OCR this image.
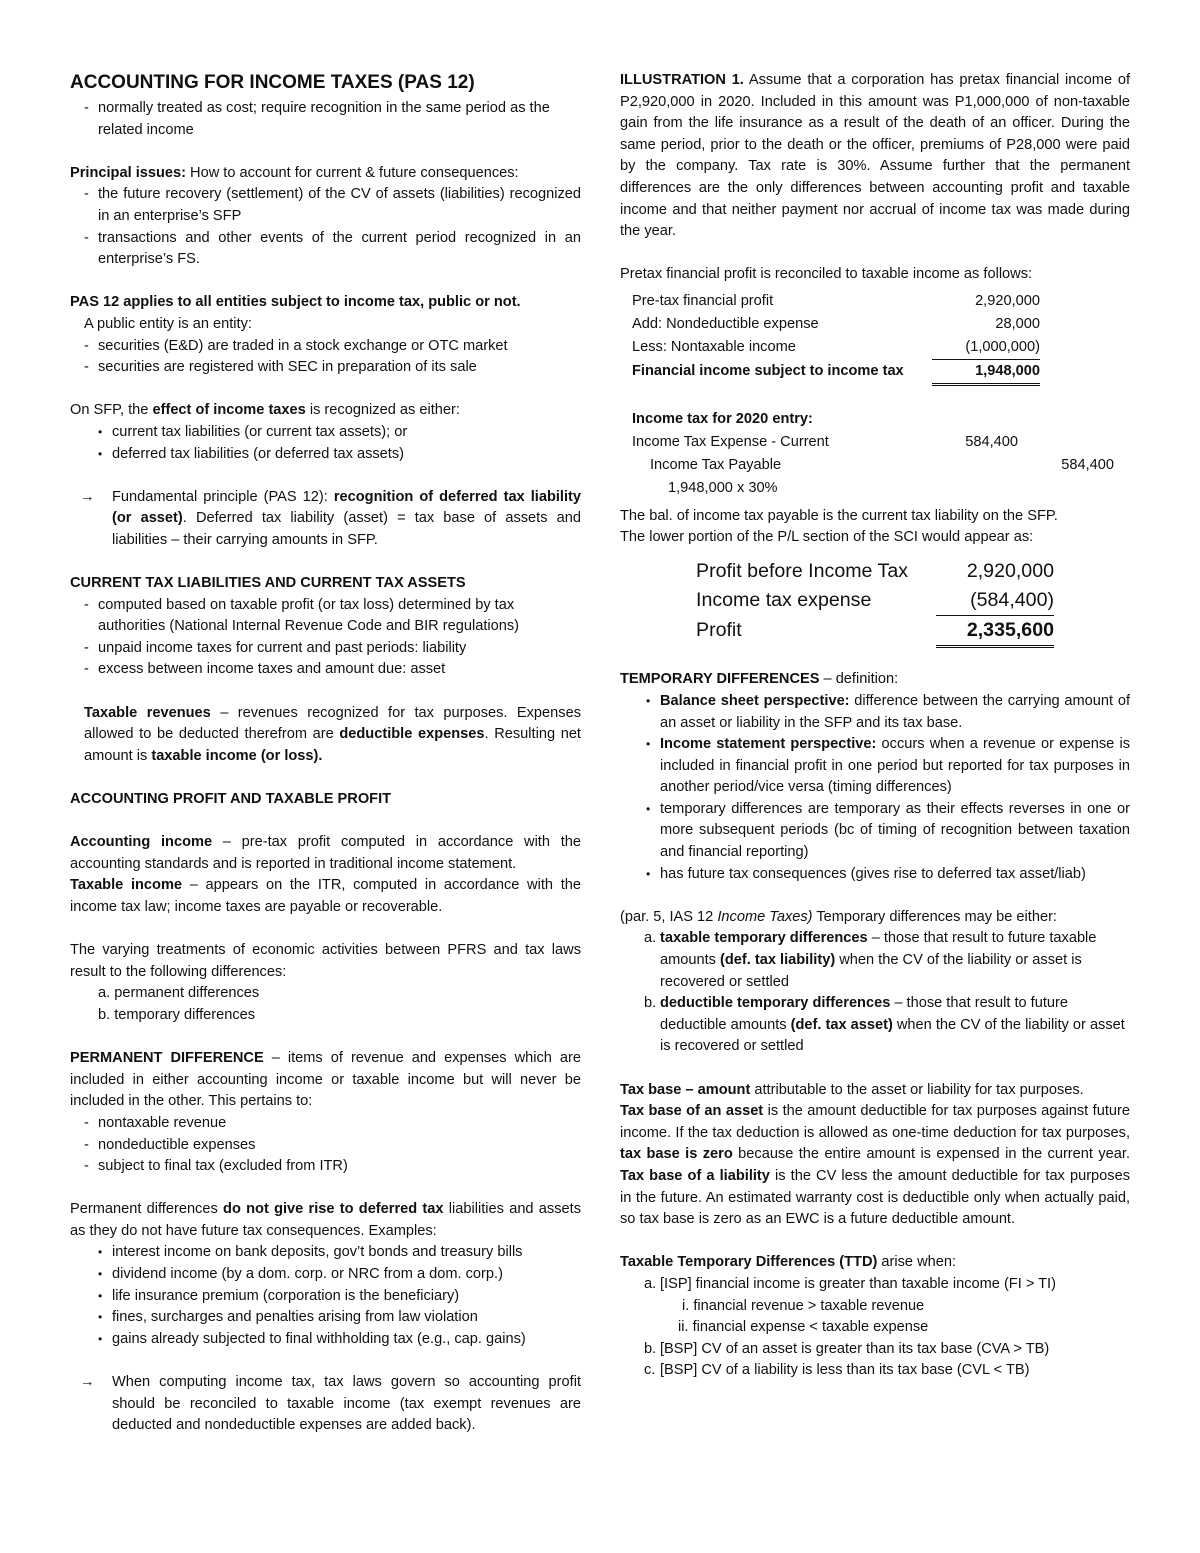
ACCOUNTING FOR INCOME TAXES (PAS 12)

- normally treated as cost; require recognition in the same period as the related income

Principal issues: How to account for current & future consequences:

- the future recovery (settlement) of the CV of assets (liabilities) recognized in an enterprise’s SFP
- transactions and other events of the current period recognized in an enterprise’s FS.

PAS 12 applies to all entities subject to income tax, public or not.

A public entity is an entity:

- securities (E&D) are traded in a stock exchange or OTC market
- securities are registered with SEC in preparation of its sale

On SFP, the effect of income taxes is recognized as either:

• current tax liabilities (or current tax assets); or
• deferred tax liabilities (or deferred tax assets)

→ Fundamental principle (PAS 12): recognition of deferred tax liability (or asset). Deferred tax liability (asset) = tax base of assets and liabilities – their carrying amounts in SFP.

CURRENT TAX LIABILITIES AND CURRENT TAX ASSETS

- computed based on taxable profit (or tax loss) determined by tax authorities (National Internal Revenue Code and BIR regulations)
- unpaid income taxes for current and past periods: liability
- excess between income taxes and amount due: asset

Taxable revenues – revenues recognized for tax purposes. Expenses allowed to be deducted therefrom are deductible expenses. Resulting net amount is taxable income (or loss).

ACCOUNTING PROFIT AND TAXABLE PROFIT

Accounting income – pre-tax profit computed in accordance with the accounting standards and is reported in traditional income statement.

Taxable income – appears on the ITR, computed in accordance with the income tax law; income taxes are payable or recoverable.

The varying treatments of economic activities between PFRS and tax laws result to the following differences:

a. permanent differences

b. temporary differences

PERMANENT DIFFERENCE – items of revenue and expenses which are included in either accounting income or taxable income but will never be included in the other. This pertains to:

- nontaxable revenue
- nondeductible expenses
- subject to final tax (excluded from ITR)

Permanent differences do not give rise to deferred tax liabilities and assets as they do not have future tax consequences. Examples:

• interest income on bank deposits, gov’t bonds and treasury bills
• dividend income (by a dom. corp. or NRC from a dom. corp.)
• life insurance premium (corporation is the beneficiary)
• fines, surcharges and penalties arising from law violation
• gains already subjected to final withholding tax (e.g., cap. gains)

→ When computing income tax, tax laws govern so accounting profit should be reconciled to taxable income (tax exempt revenues are deducted and nondeductible expenses are added back).

ILLUSTRATION 1. Assume that a corporation has pretax financial income of P2,920,000 in 2020. Included in this amount was P1,000,000 of non-taxable gain from the life insurance as a result of the death of an officer. During the same period, prior to the death or the officer, premiums of P28,000 were paid by the company. Tax rate is 30%. Assume further that the permanent differences are the only differences between accounting profit and taxable income and that neither payment nor accrual of income tax was made during the year.

Pretax financial profit is reconciled to taxable income as follows:

Pre-tax financial profit	2,920,000
Add: Nondeductible expense	28,000
Less: Nontaxable income	(1,000,000)
Financial income subject to income tax	1,948,000
Income tax for 2020 entry:		
Income Tax Expense - Current	584,400	
Income Tax Payable		584,400
1,948,000 x 30%		

The bal. of income tax payable is the current tax liability on the SFP.

The lower portion of the P/L section of the SCI would appear as:

Profit before Income Tax	2,920,000
Income tax expense	(584,400)
Profit	2,335,600

TEMPORARY DIFFERENCES – definition:

• Balance sheet perspective: difference between the carrying amount of an asset or liability in the SFP and its tax base.
• Income statement perspective: occurs when a revenue or expense is included in financial profit in one period but reported for tax purposes in another period/vice versa (timing differences)
• temporary differences are temporary as their effects reverses in one or more subsequent periods (bc of timing of recognition between taxation and financial reporting)
• has future tax consequences (gives rise to deferred tax asset/liab)

(par. 5, IAS 12 Income Taxes) Temporary differences may be either:

a. taxable temporary differences – those that result to future taxable amounts (def. tax liability) when the CV of the liability or asset is recovered or settled
b. deductible temporary differences – those that result to future deductible amounts (def. tax asset) when the CV of the liability or asset is recovered or settled

Tax base – amount attributable to the asset or liability for tax purposes.

Tax base of an asset is the amount deductible for tax purposes against future income. If the tax deduction is allowed as one-time deduction for tax purposes, tax base is zero because the entire amount is expensed in the current year. Tax base of a liability is the CV less the amount deductible for tax purposes in the future. An estimated warranty cost is deductible only when actually paid, so tax base is zero as an EWC is a future deductible amount.

Taxable Temporary Differences (TTD) arise when:

a. [ISP] financial income is greater than taxable income (FI > TI)
i. financial revenue > taxable revenue
ii. financial expense < taxable expense
b. [BSP] CV of an asset is greater than its tax base (CVA > TB)
c. [BSP] CV of a liability is less than its tax base (CVL < TB)
